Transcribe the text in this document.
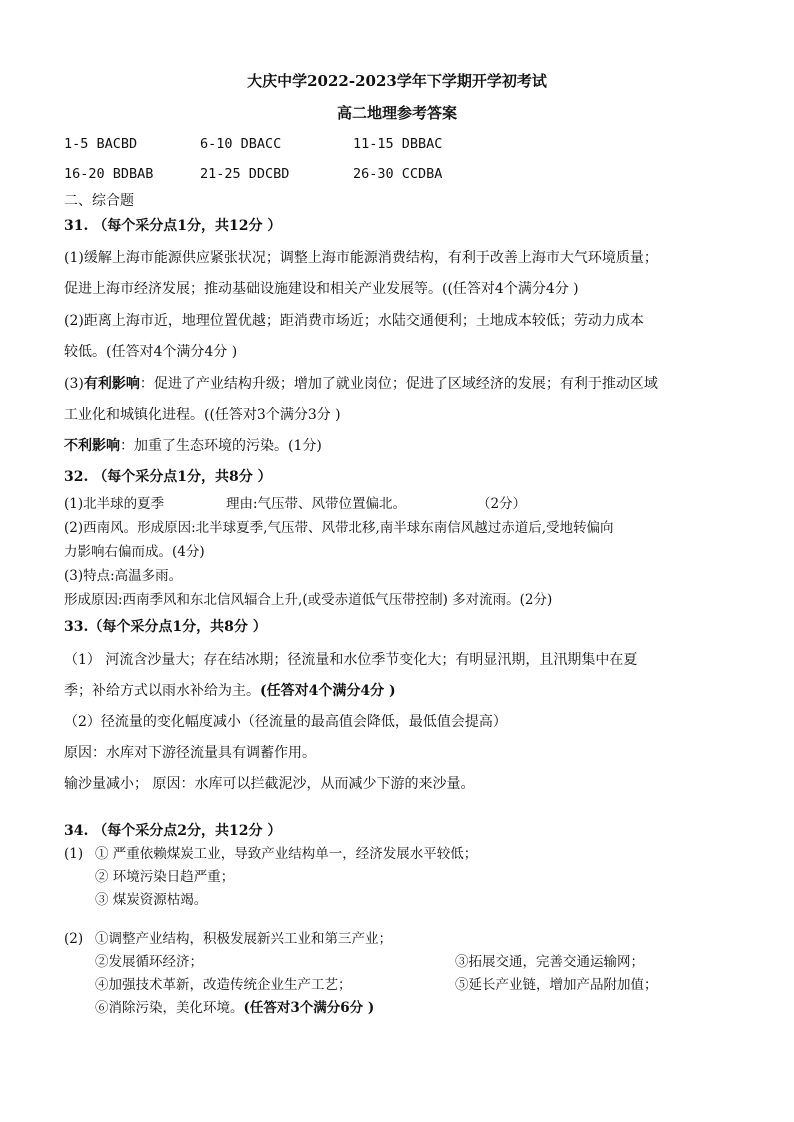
大庆中学2022-2023学年下学期开学初考试
高二地理参考答案
1-5 BACBD	6-10 DBACC	11-15 DBBAC
16-20 BDBAB	21-25 DDCBD	26-30 CCDBA
二、综合题
31. （每个采分点1分，共12分 ）
(1)缓解上海市能源供应紧张状况；调整上海市能源消费结构，有利于改善上海市大气环境质量；
促进上海市经济发展；推动基础设施建设和相关产业发展等。((任答对4个满分4分 )
(2)距离上海市近，地理位置优越；距消费市场近；水陆交通便利；土地成本较低；劳动力成本
较低。(任答对4个满分4分 )
(3)有利影响：促进了产业结构升级；增加了就业岗位；促进了区域经济的发展；有利于推动区域
工业化和城镇化进程。((任答对3个满分3分 )
不利影响：加重了生态环境的污染。(1分)
32. （每个采分点1分，共8分 ）
(1)北半球的夏季	理由:气压带、风带位置偏北。	（2分）
(2)西南风。形成原因:北半球夏季,气压带、风带北移,南半球东南信风越过赤道后,受地转偏向
力影响右偏而成。(4分)
(3)特点:高温多雨。
形成原因:西南季风和东北信风辐合上升,(或受赤道低气压带控制) 多对流雨。(2分)
33.（每个采分点1分，共8分 ）
（1） 河流含沙量大；存在结冰期；径流量和水位季节变化大；有明显汛期，且汛期集中在夏
季；补给方式以雨水补给为主。(任答对4个满分4分 )
（2）径流量的变化幅度减小（径流量的最高值会降低，最低值会提高）
原因：水库对下游径流量具有调蓄作用。
输沙量减小； 原因：水库可以拦截泥沙，从而减少下游的来沙量。
34. （每个采分点2分，共12分 ）
(1) ① 严重依赖煤炭工业，导致产业结构单一，经济发展水平较低；
② 环境污染日趋严重；
③ 煤炭资源枯竭。
(2) ①调整产业结构，积极发展新兴工业和第三产业；
②发展循环经济；	③拓展交通，完善交通运输网；
④加强技术革新，改造传统企业生产工艺；	⑤延长产业链，增加产品附加值；
⑥消除污染，美化环境。(任答对3个满分6分 )
